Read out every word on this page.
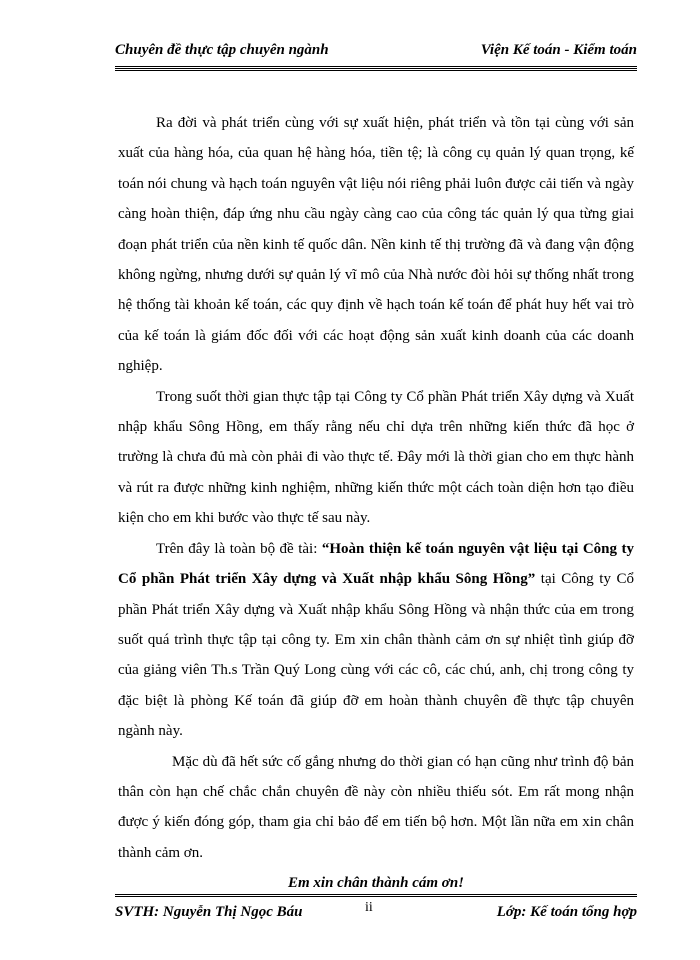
Chuyên đề thực tập chuyên ngành	Viện Kế toán - Kiểm toán

Ra đời và phát triển cùng với sự xuất hiện, phát triển và tồn tại cùng với sản xuất của hàng hóa, của quan hệ hàng hóa, tiền tệ; là công cụ quản lý quan trọng, kế toán nói chung và hạch toán nguyên vật liệu nói riêng phải luôn được cải tiến và ngày càng hoàn thiện, đáp ứng nhu cầu ngày càng cao của công tác quản lý qua từng giai đoạn phát triển của nền kinh tế quốc dân. Nền kinh tế thị trường đã và đang vận động không ngừng, nhưng dưới sự quản lý vĩ mô của Nhà nước đòi hỏi sự thống nhất trong hệ thống tài khoản kế toán, các quy định về hạch toán kế toán để phát huy hết vai trò của kế toán là giám đốc đối với các hoạt động sản xuất kinh doanh của các doanh nghiệp.

Trong suốt thời gian thực tập tại Công ty Cổ phần Phát triển Xây dựng và Xuất nhập khẩu Sông Hồng, em thấy rằng nếu chỉ dựa trên những kiến thức đã học ở trường là chưa đủ mà còn phải đi vào thực tế. Đây mới là thời gian cho em thực hành và rút ra được những kinh nghiệm, những kiến thức một cách toàn diện hơn tạo điều kiện cho em khi bước vào thực tế sau này.

Trên đây là toàn bộ đề tài: “Hoàn thiện kế toán nguyên vật liệu tại Công ty Cổ phần Phát triển Xây dựng và Xuất nhập khẩu Sông Hồng” tại Công ty Cổ phần Phát triển Xây dựng và Xuất nhập khẩu Sông Hồng và nhận thức của em trong suốt quá trình thực tập tại công ty. Em xin chân thành cảm ơn sự nhiệt tình giúp đỡ của giảng viên Th.s Trần Quý Long cùng với các cô, các chú, anh, chị trong công ty đặc biệt là phòng Kế toán đã giúp đỡ em hoàn thành chuyên đề thực tập chuyên ngành này.

Mặc dù đã hết sức cố gắng nhưng do thời gian có hạn cũng như trình độ bản thân còn hạn chế chắc chắn chuyên đề này còn nhiều thiếu sót. Em rất mong nhận được ý kiến đóng góp, tham gia chỉ bảo để em tiến bộ hơn. Một lần nữa em xin chân thành cảm ơn.

Em xin chân thành cám ơn!

SVTH: Nguyễn Thị Ngọc Báu	ii	Lớp: Kế toán tổng hợp
